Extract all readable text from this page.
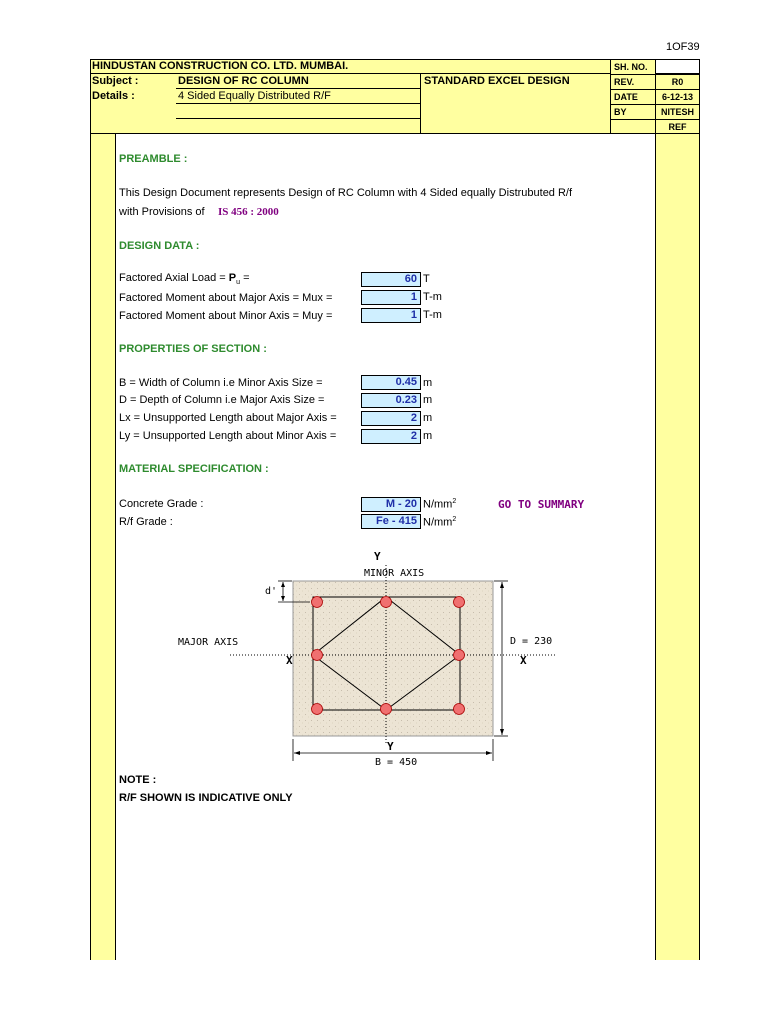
1OF39
HINDUSTAN CONSTRUCTION CO. LTD. MUMBAI.
Subject :	DESIGN OF RC COLUMN
Details :	4 Sided Equally Distributed R/F
STANDARD EXCEL DESIGN
SH. NO.
REV.	R0
DATE	6-12-13
BY	NITESH
REF
PREAMBLE :
This Design Document represents Design of RC Column with 4 Sided equally Distrubuted R/f
with Provisions of IS 456 : 2000
DESIGN DATA :
Factored Axial Load = $P_u$ =	60 T
Factored Moment about Major Axis = Mux =	1 T-m
Factored Moment about Minor Axis = Muy =	1 T-m
PROPERTIES OF SECTION :
B = Width of Column i.e Minor Axis Size =	0.45 m
D = Depth of Column i.e Major Axis Size =	0.23 m
Lx = Unsupported Length about Major Axis =	2 m
Ly = Unsupported Length about Minor Axis =	2 m
MATERIAL SPECIFICATION :
Concrete Grade :	M - 20 $N/mm^2$
R/f Grade :	Fe - 415 $N/mm^2$
GO TO SUMMARY
Y
MINOR AXIS
d'
MAJOR AXIS
X	X
D = 230
Y
B = 450
NOTE :
R/F SHOWN IS INDICATIVE ONLY
